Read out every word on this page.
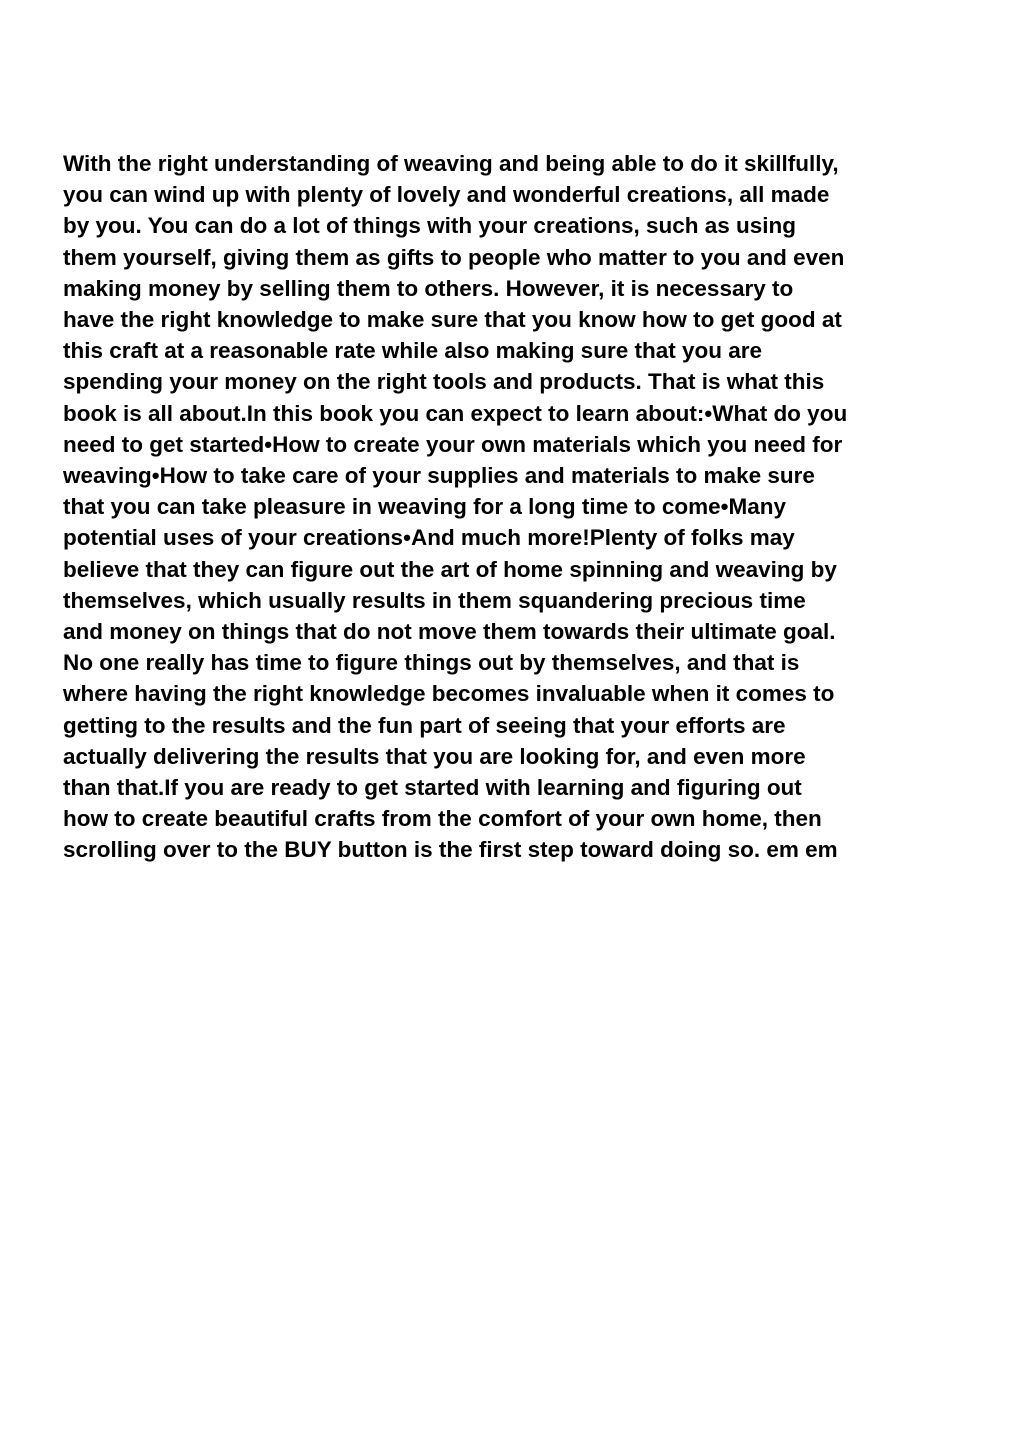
With the right understanding of weaving and being able to do it skillfully,
you can wind up with plenty of lovely and wonderful creations, all made
by you. You can do a lot of things with your creations, such as using
them yourself, giving them as gifts to people who matter to you and even
making money by selling them to others. However, it is necessary to
have the right knowledge to make sure that you know how to get good at
this craft at a reasonable rate while also making sure that you are
spending your money on the right tools and products. That is what this
book is all about.In this book you can expect to learn about:•What do you
need to get started•How to create your own materials which you need for
weaving•How to take care of your supplies and materials to make sure
that you can take pleasure in weaving for a long time to come•Many
potential uses of your creations•And much more!Plenty of folks may
believe that they can figure out the art of home spinning and weaving by
themselves, which usually results in them squandering precious time
and money on things that do not move them towards their ultimate goal.
No one really has time to figure things out by themselves, and that is
where having the right knowledge becomes invaluable when it comes to
getting to the results and the fun part of seeing that your efforts are
actually delivering the results that you are looking for, and even more
than that.If you are ready to get started with learning and figuring out
how to create beautiful crafts from the comfort of your own home, then
scrolling over to the BUY button is the first step toward doing so. em em
